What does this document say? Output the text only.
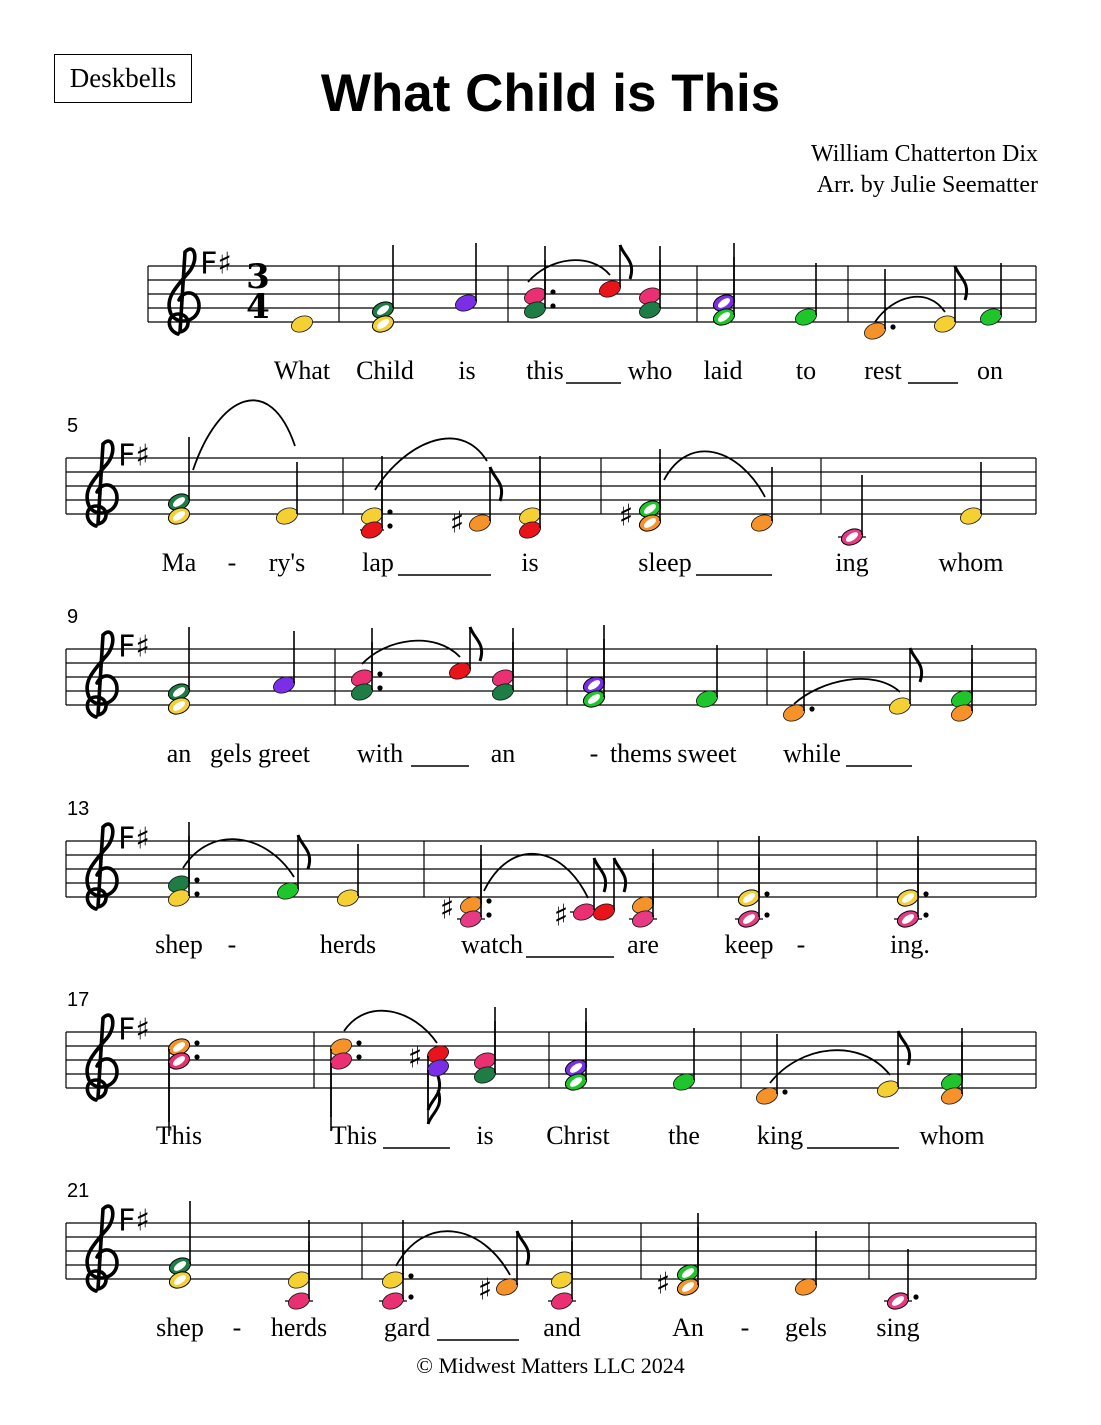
Deskbells	What Child is This
William Chatterton Dix
Arr. by Julie Seematter
F♯ 3
4
What Child is this who laid to rest	on
F♯
5
♯	♯
Ma - ry's lap	is	sleep	ing	whom
F♯
9
an gels greet with	an	- thems sweet while
F♯
13
♯	♯
shep -	herds	watch	are	keep -	ing.
F♯
17
♯
This	This	is Christ the king	whom
F♯
21
♯	♯
shep - herds gard	and	An - gels sing
© Midwest Matters LLC 2024
